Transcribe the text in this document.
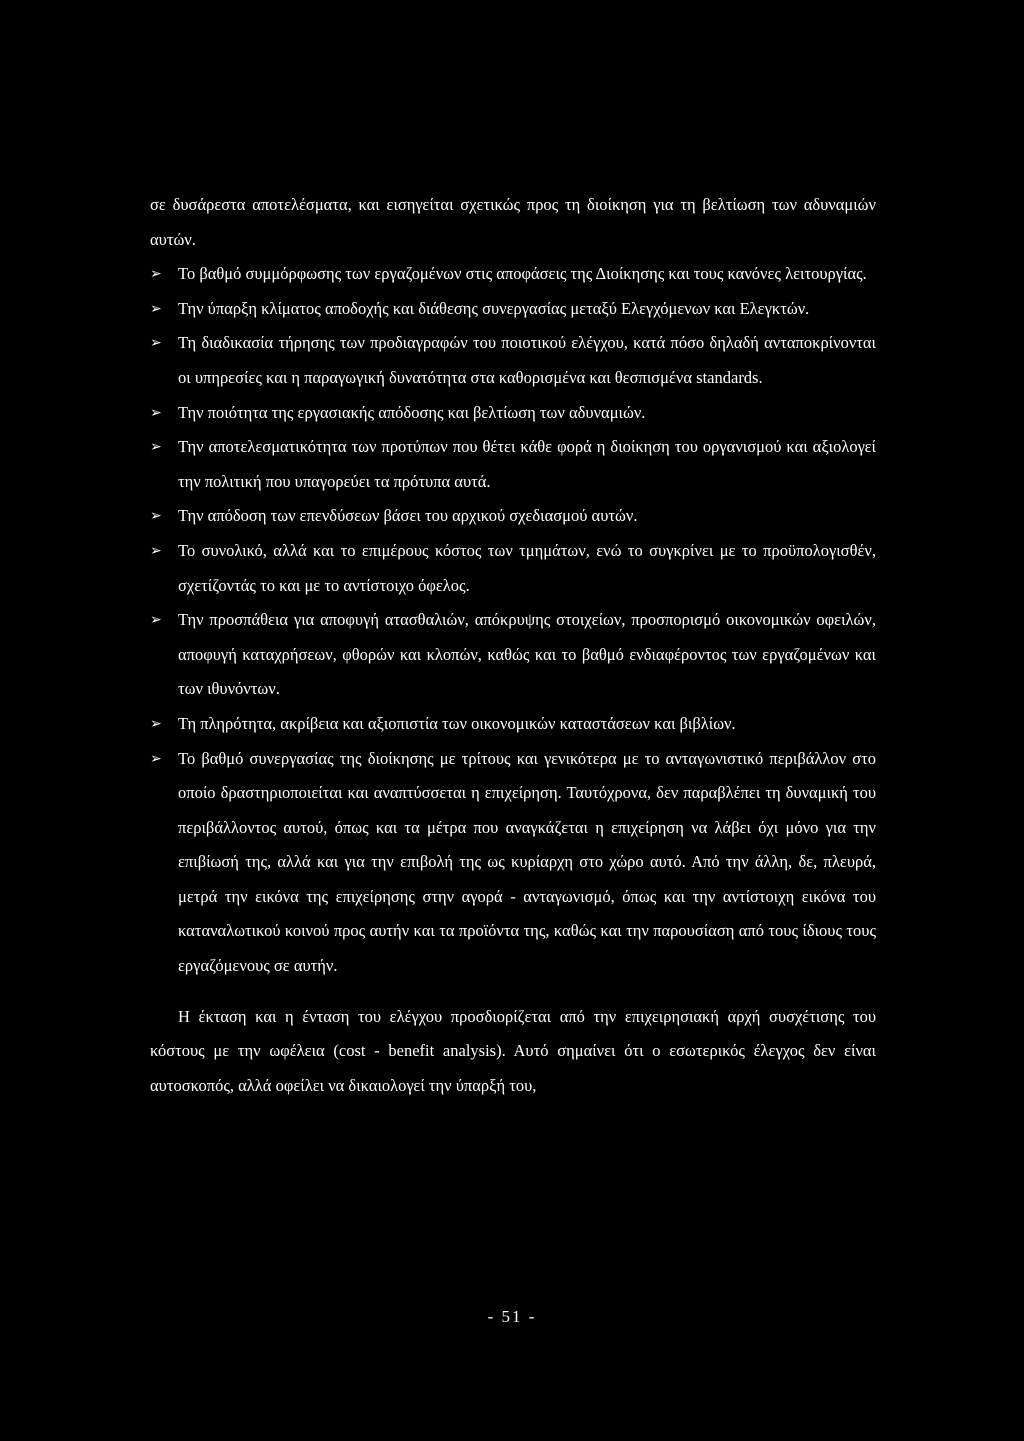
σε δυσάρεστα αποτελέσματα, και εισηγείται σχετικώς προς τη διοίκηση για τη βελτίωση των αδυναμιών αυτών.

➢ Το βαθμό συμμόρφωσης των εργαζομένων στις αποφάσεις της Διοίκησης και τους κανόνες λειτουργίας.
➢ Την ύπαρξη κλίματος αποδοχής και διάθεσης συνεργασίας μεταξύ Ελεγχόμενων και Ελεγκτών.
➢ Τη διαδικασία τήρησης των προδιαγραφών του ποιοτικού ελέγχου, κατά πόσο δηλαδή ανταποκρίνονται οι υπηρεσίες και η παραγωγική δυνατότητα στα καθορισμένα και θεσπισμένα standards.
➢ Την ποιότητα της εργασιακής απόδοσης και βελτίωση των αδυναμιών.
➢ Την αποτελεσματικότητα των προτύπων που θέτει κάθε φορά η διοίκηση του οργανισμού και αξιολογεί την πολιτική που υπαγορεύει τα πρότυπα αυτά.
➢ Την απόδοση των επενδύσεων βάσει του αρχικού σχεδιασμού αυτών.
➢ Το συνολικό, αλλά και το επιμέρους κόστος των τμημάτων, ενώ το συγκρίνει με το προϋπολογισθέν, σχετίζοντάς το και με το αντίστοιχο όφελος.
➢ Την προσπάθεια για αποφυγή ατασθαλιών, απόκρυψης στοιχείων, προσπορισμό οικονομικών οφειλών, αποφυγή καταχρήσεων, φθορών και κλοπών, καθώς και το βαθμό ενδιαφέροντος των εργαζομένων και των ιθυνόντων.
➢ Τη πληρότητα, ακρίβεια και αξιοπιστία των οικονομικών καταστάσεων και βιβλίων.
➢ Το βαθμό συνεργασίας της διοίκησης με τρίτους και γενικότερα με το ανταγωνιστικό περιβάλλον στο οποίο δραστηριοποιείται και αναπτύσσεται η επιχείρηση. Ταυτόχρονα, δεν παραβλέπει τη δυναμική του περιβάλλοντος αυτού, όπως και τα μέτρα που αναγκάζεται η επιχείρηση να λάβει όχι μόνο για την επιβίωσή της, αλλά και για την επιβολή της ως κυρίαρχη στο χώρο αυτό. Από την άλλη, δε, πλευρά, μετρά την εικόνα της επιχείρησης στην αγορά - ανταγωνισμό, όπως και την αντίστοιχη εικόνα του καταναλωτικού κοινού προς αυτήν και τα προϊόντα της, καθώς και την παρουσίαση από τους ίδιους τους εργαζόμενους σε αυτήν.

Η έκταση και η ένταση του ελέγχου προσδιορίζεται από την επιχειρησιακή αρχή συσχέτισης του κόστους με την ωφέλεια (cost - benefit analysis). Αυτό σημαίνει ότι ο εσωτερικός έλεγχος δεν είναι αυτοσκοπός, αλλά οφείλει να δικαιολογεί την ύπαρξή του,

- 51 -
